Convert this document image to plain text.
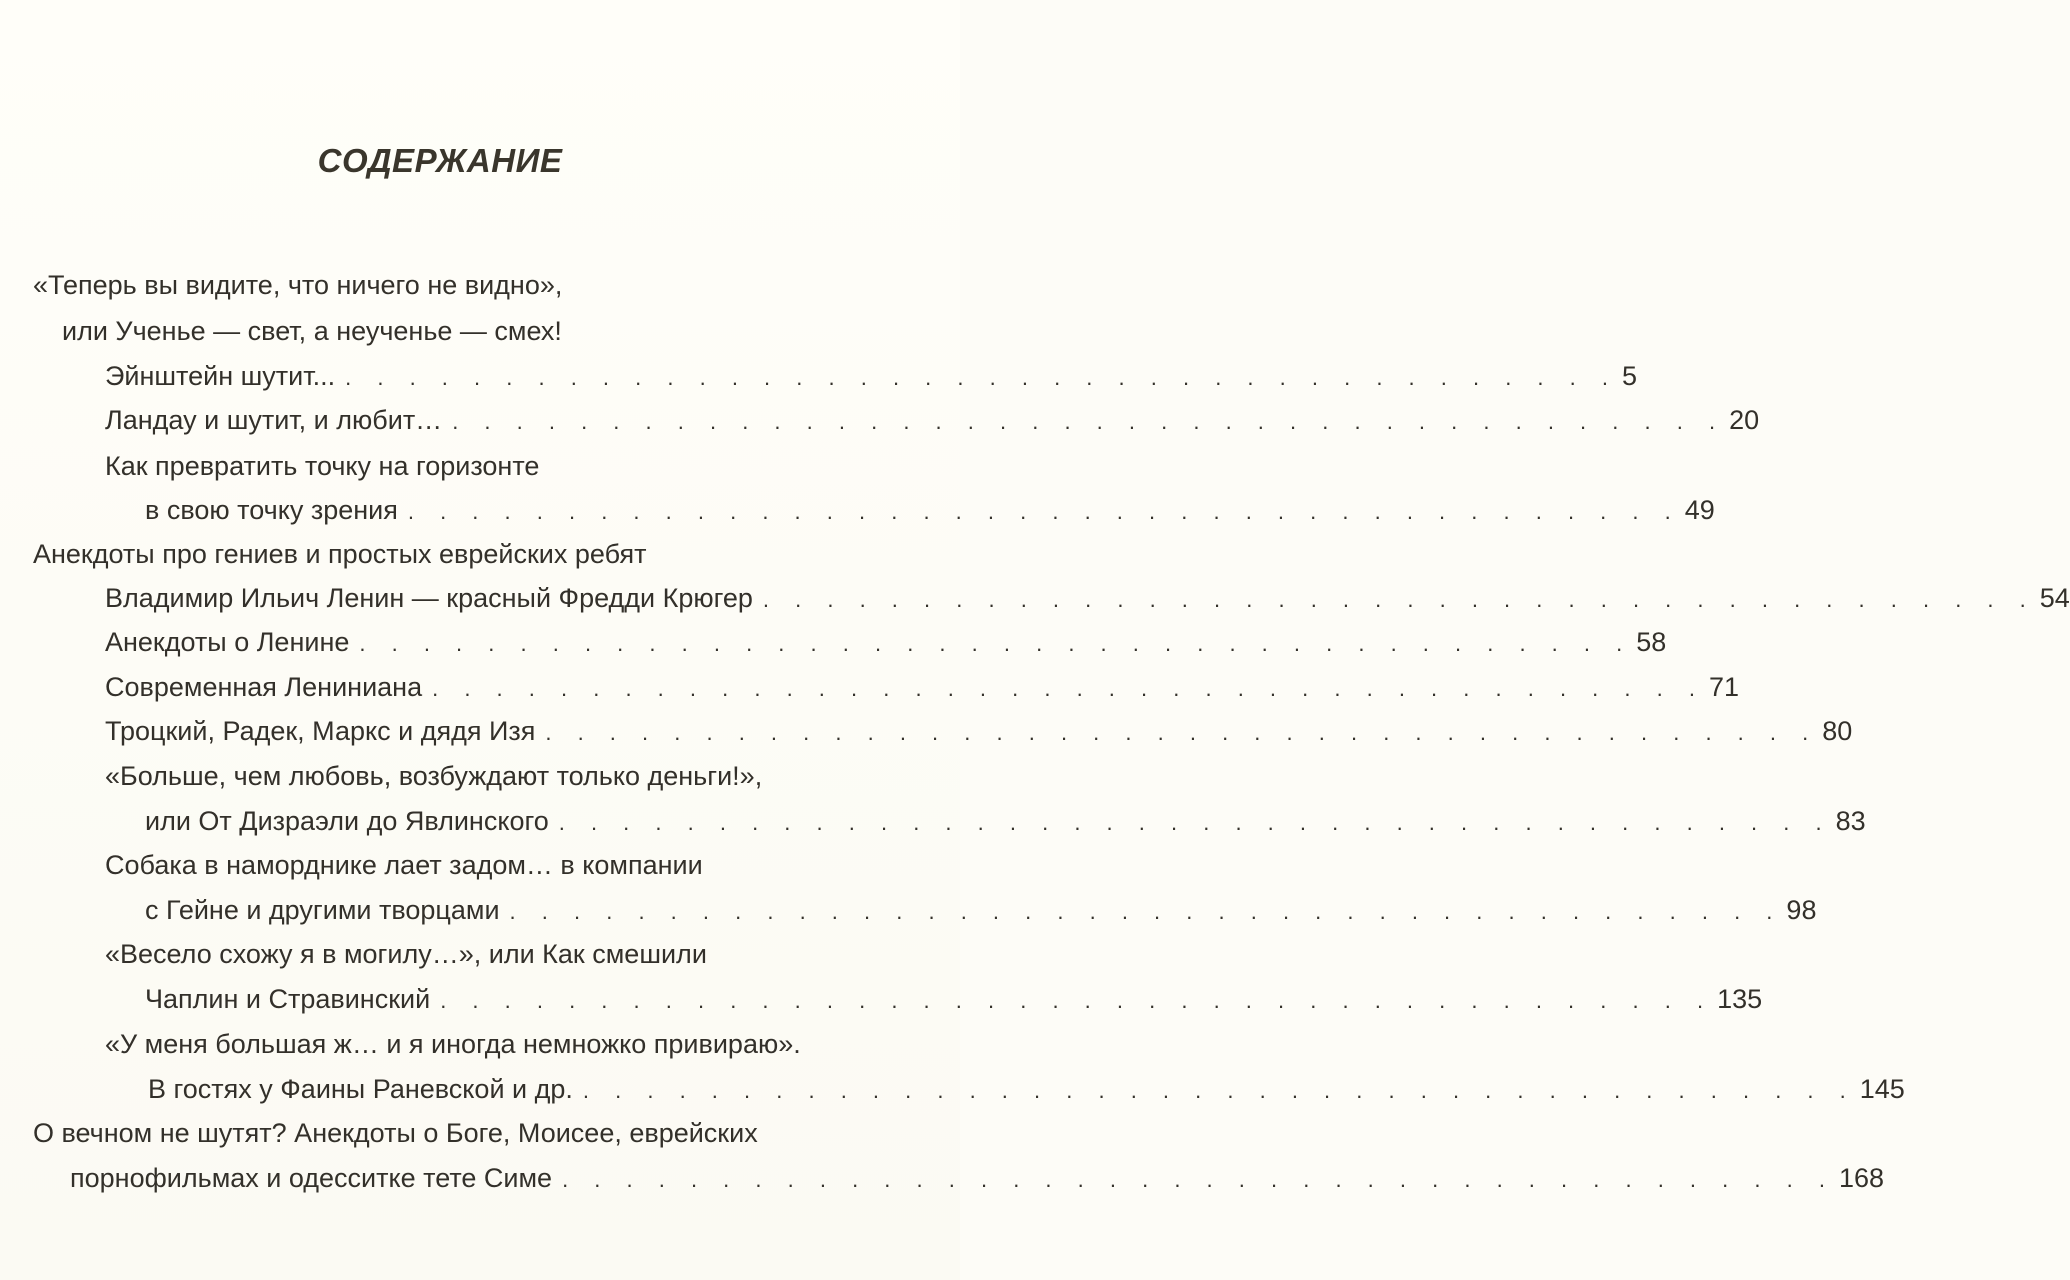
СОДЕРЖАНИЕ
«Теперь вы видите, что ничего не видно»,
или Ученье — свет, а неученье — смех!
Эйнштейн шутит... . . . . . . . . . . . . . . . . . . . . . . . . . . . . . . . . . . . . . . . . 5
Ландау и шутит, и любит… . . . . . . . . . . . . . . . . . . . . . . . . . . . . . . . . . . . . . . . . 20
Как превратить точку на горизонте
в свою точку зрения . . . . . . . . . . . . . . . . . . . . . . . . . . . . . . . . . . . . . . . . 49
Анекдоты про гениев и простых еврейских ребят
Владимир Ильич Ленин — красный Фредди Крюгер . . . . . . . . . . . . . . . . . . . . . . . . . . . . . . . . . . . . . . . . 54
Анекдоты о Ленине . . . . . . . . . . . . . . . . . . . . . . . . . . . . . . . . . . . . . . . . 58
Современная Лениниана . . . . . . . . . . . . . . . . . . . . . . . . . . . . . . . . . . . . . . . . 71
Троцкий, Радек, Маркс и дядя Изя . . . . . . . . . . . . . . . . . . . . . . . . . . . . . . . . . . . . . . . . 80
«Больше, чем любовь, возбуждают только деньги!»,
или От Дизраэли до Явлинского . . . . . . . . . . . . . . . . . . . . . . . . . . . . . . . . . . . . . . . . 83
Собака в наморднике лает задом… в компании
с Гейне и другими творцами . . . . . . . . . . . . . . . . . . . . . . . . . . . . . . . . . . . . . . . . 98
«Весело схожу я в могилу…», или Как смешили
Чаплин и Стравинский . . . . . . . . . . . . . . . . . . . . . . . . . . . . . . . . . . . . . . . . 135
«У меня большая ж… и я иногда немножко привираю».
В гостях у Фаины Раневской и др. . . . . . . . . . . . . . . . . . . . . . . . . . . . . . . . . . . . . . . . . 145
О вечном не шутят? Анекдоты о Боге, Моисее, еврейских
порнофильмах и одесситке тете Симе . . . . . . . . . . . . . . . . . . . . . . . . . . . . . . . . . . . . . . . . 168
